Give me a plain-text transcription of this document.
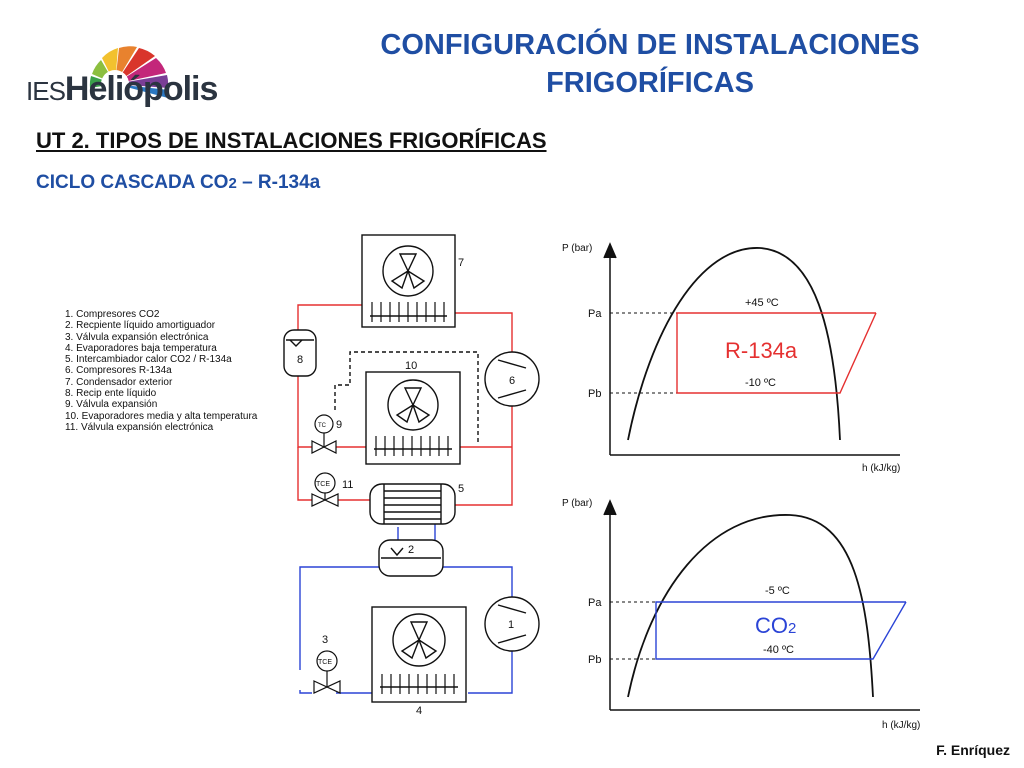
IESHeliópolis
CONFIGURACIÓN DE INSTALACIONES
FRIGORÍFICAS
UT 2. TIPOS DE INSTALACIONES FRIGORÍFICAS
CICLO CASCADA CO2 – R-134a
1. Compresores CO2
2. Recpiente líquido amortiguador
3. Válvula expansión electrónica
4. Evaporadores baja temperatura
5. Intercambiador calor CO2 / R-134a
6. Compresores R-134a
7. Condensador exterior
8. Recip ente líquido
9. Válvula expansión
10. Evaporadores media y alta temperatura
11. Válvula expansión electrónica
7
8
6
10
TC 9
TCE 11	5
2
1
4
TCE
3
P (bar)
h (kJ/kg)
Pa
Pb
+45 ºC
-10 ºC
R-134a
P (bar)
h (kJ/kg)
Pa
Pb
-5 ºC
-40 ºC
CO2
F. Enríquez
